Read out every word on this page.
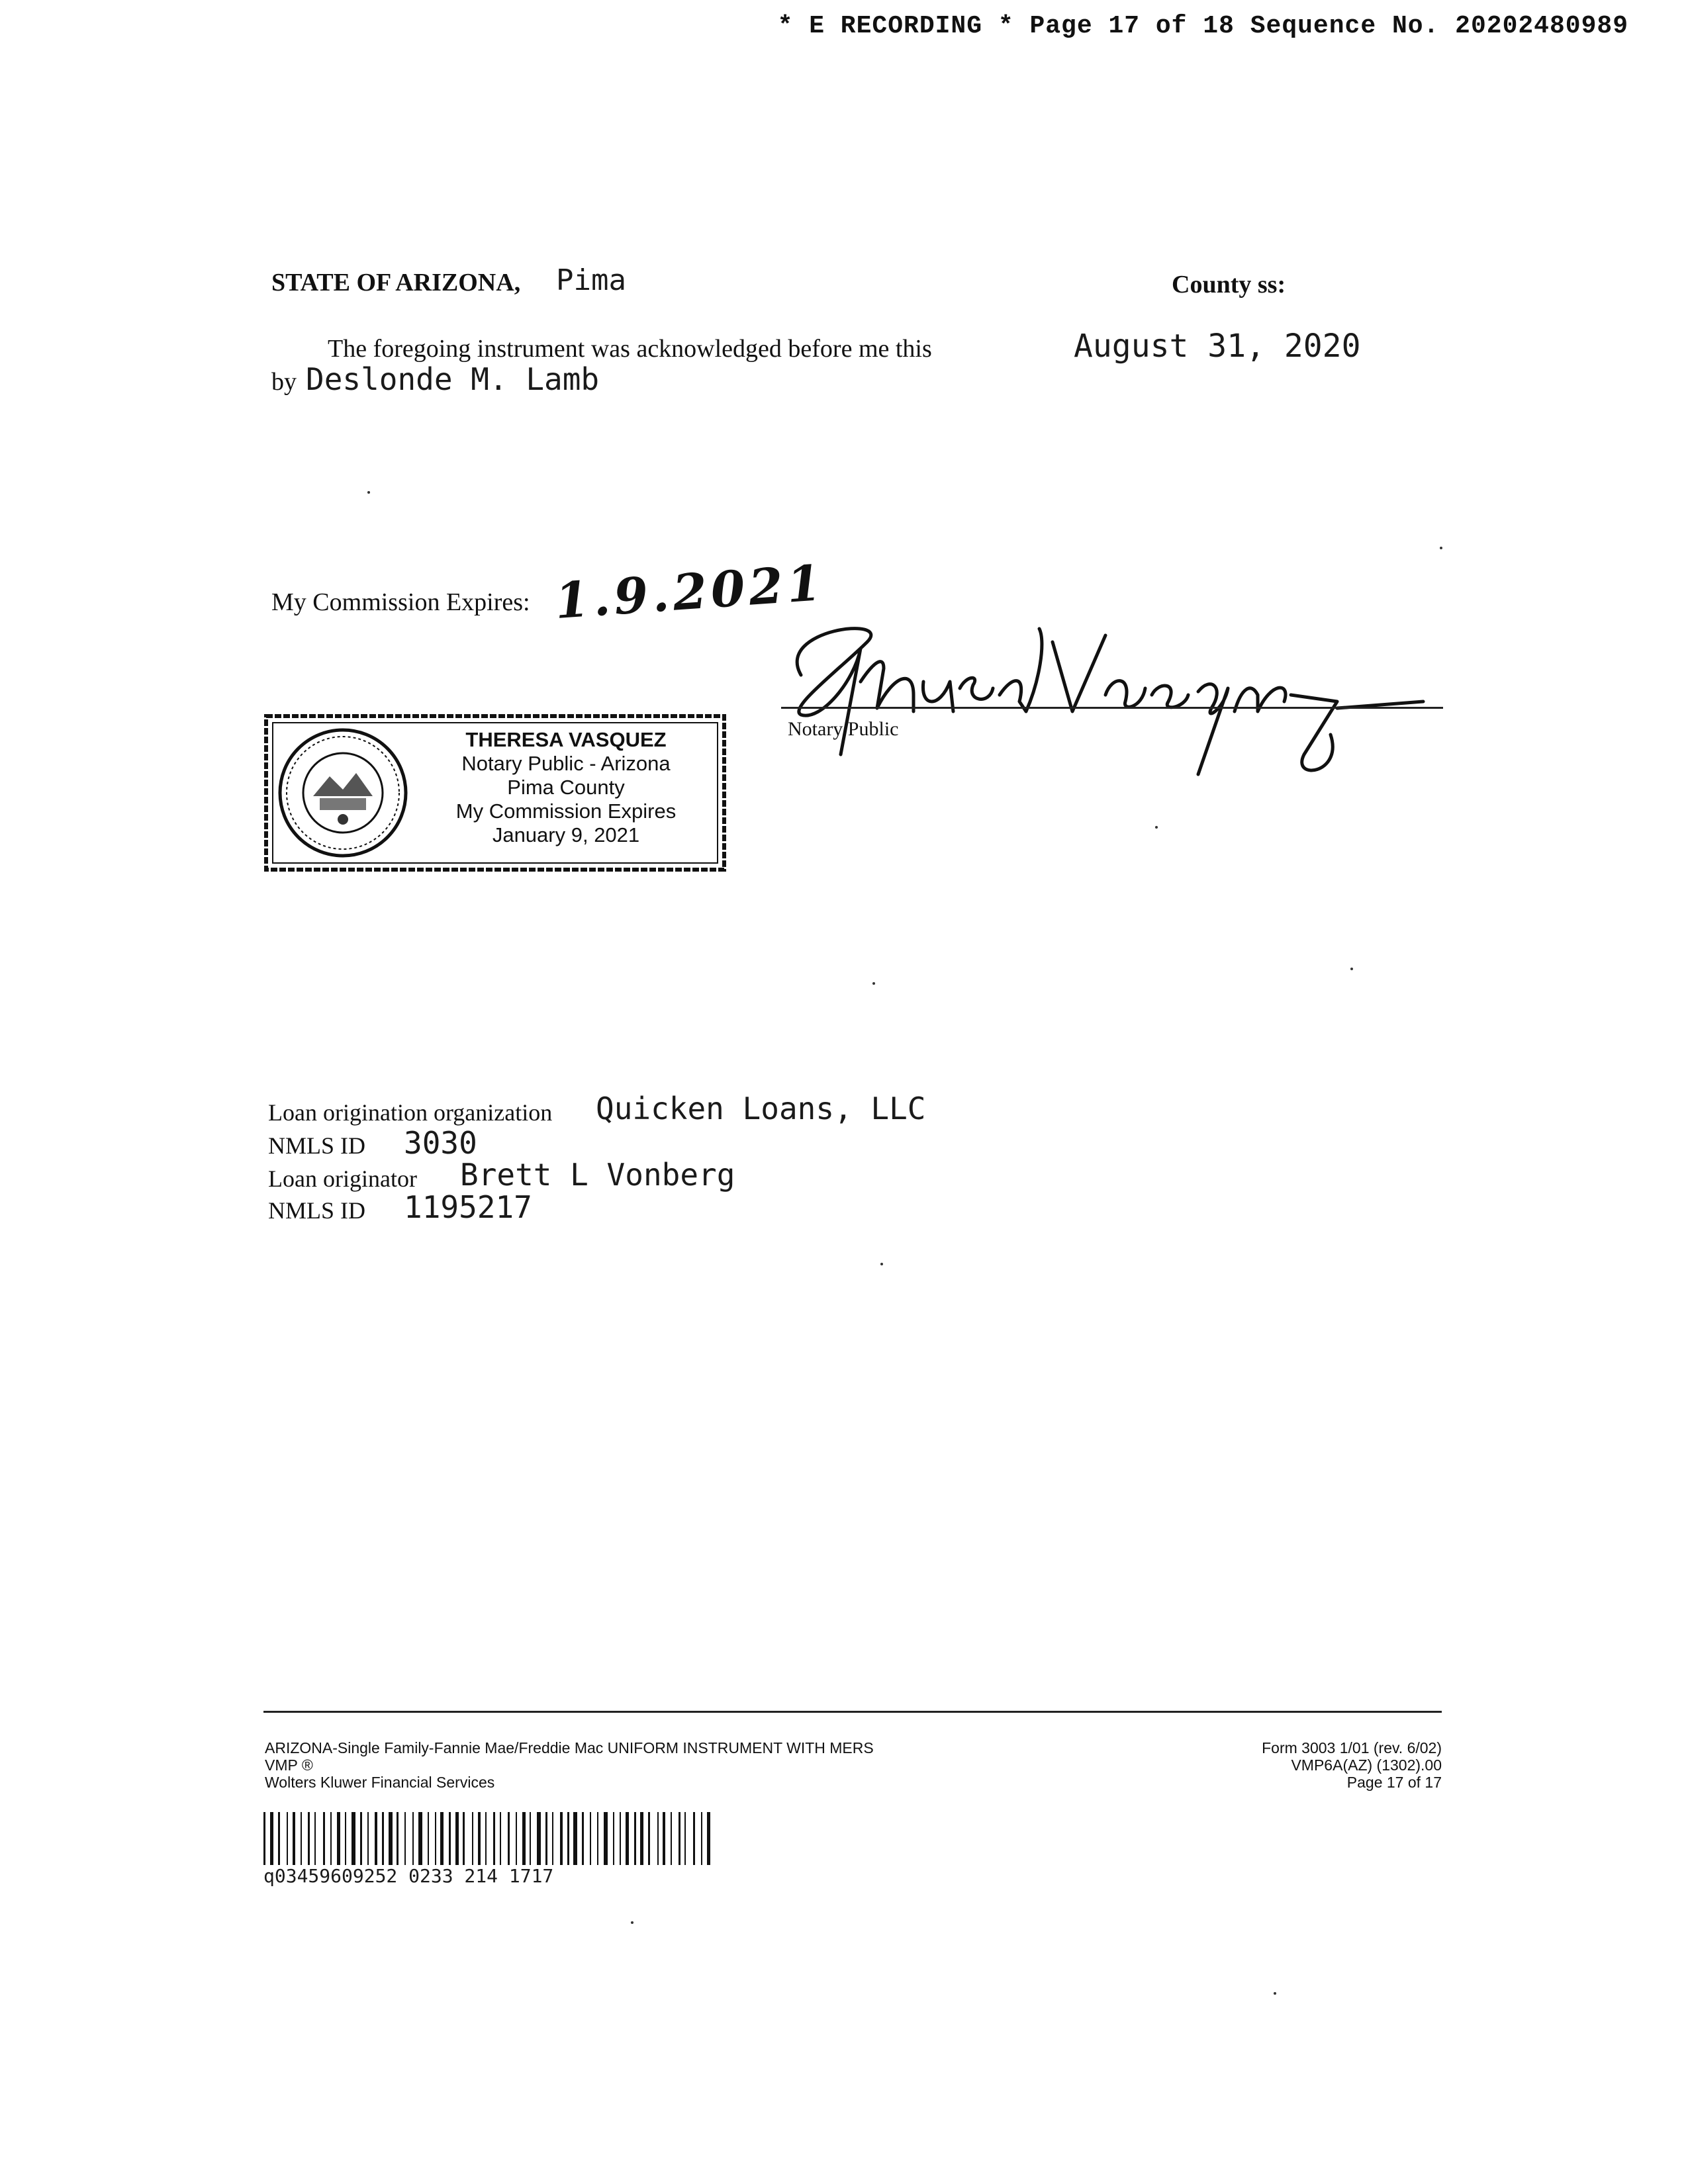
* E RECORDING * Page 17 of 18 Sequence No. 20202480989
STATE OF ARIZONA, Pima	County ss:
The foregoing instrument was acknowledged before me this	August 31, 2020
by Deslonde M. Lamb
My Commission Expires: 1.9.2021
Notary Public
THERESA VASQUEZ
Notary Public - Arizona
Pima County
My Commission Expires
January 9, 2021
Loan origination organization Quicken Loans, LLC
NMLS ID 3030
Loan originator Brett L Vonberg
NMLS ID 1195217
ARIZONA-Single Family-Fannie Mae/Freddie Mac UNIFORM INSTRUMENT WITH MERS
VMP ®
Wolters Kluwer Financial Services
Form 3003 1/01 (rev. 6/02)
VMP6A(AZ) (1302).00
Page 17 of 17
q03459609252 0233 214 1717
